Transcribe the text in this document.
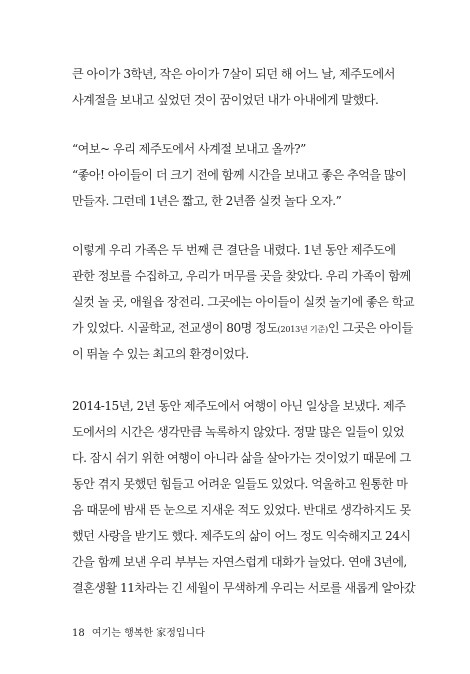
큰 아이가 3학년, 작은 아이가 7살이 되던 해 어느 날, 제주도에서
사계절을 보내고 싶었던 것이 꿈이었던 내가 아내에게 말했다.
“여보~ 우리 제주도에서 사계절 보내고 올까?”
“좋아! 아이들이 더 크기 전에 함께 시간을 보내고 좋은 추억을 많이
만들자. 그런데 1년은 짧고, 한 2년쯤 실컷 놀다 오자.”
이렇게 우리 가족은 두 번째 큰 결단을 내렸다. 1년 동안 제주도에
관한 정보를 수집하고, 우리가 머무를 곳을 찾았다. 우리 가족이 함께
실컷 놀 곳, 애월읍 장전리. 그곳에는 아이들이 실컷 놀기에 좋은 학교
가 있었다. 시골학교, 전교생이 80명 정도(2013년 기준)인 그곳은 아이들
이 뛰놀 수 있는 최고의 환경이었다.
2014-15년, 2년 동안 제주도에서 여행이 아닌 일상을 보냈다. 제주
도에서의 시간은 생각만큼 녹록하지 않았다. 정말 많은 일들이 있었
다. 잠시 쉬기 위한 여행이 아니라 삶을 살아가는 것이었기 때문에 그
동안 겪지 못했던 힘들고 어려운 일들도 있었다. 억울하고 원통한 마
음 때문에 밤새 뜬 눈으로 지새운 적도 있었다. 반대로 생각하지도 못
했던 사랑을 받기도 했다. 제주도의 삶이 어느 정도 익숙해지고 24시
간을 함께 보낸 우리 부부는 자연스럽게 대화가 늘었다. 연애 3년에,
결혼생활 11차라는 긴 세월이 무색하게 우리는 서로를 새롭게 알아갔
18 여기는 행복한 家정입니다
